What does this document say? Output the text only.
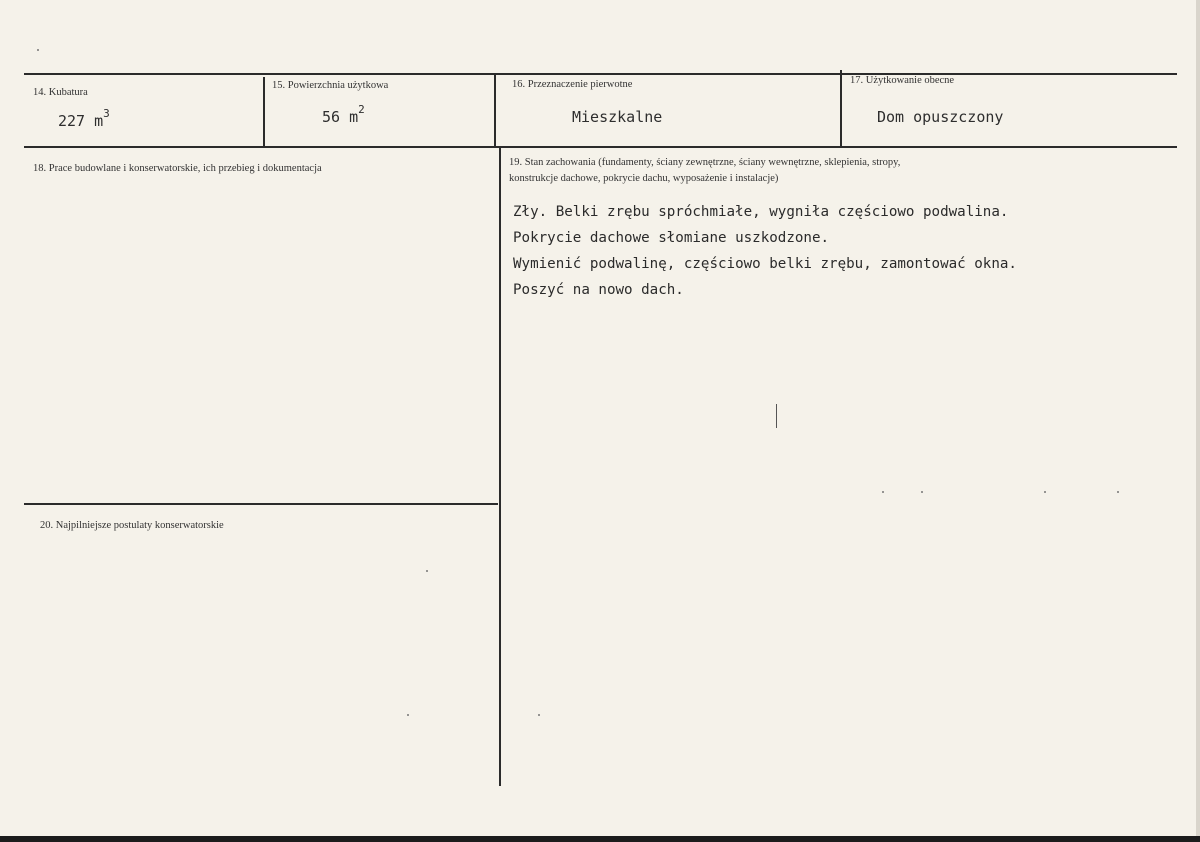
14. Kubatura
227 $m^3$
15. Powierzchnia użytkowa
56 $m^2$
16. Przeznaczenie pierwotne
Mieszkalne
17. Użytkowanie obecne
Dom opuszczony
18. Prace budowlane i konserwatorskie, ich przebieg i dokumentacja
19. Stan zachowania (fundamenty, ściany zewnętrzne, ściany wewnętrzne, sklepienia, stropy,
konstrukcje dachowe, pokrycie dachu, wyposażenie i instalacje)
Zły. Belki zrębu spróchmiałe, wygniła częściowo podwalina.
Pokrycie dachowe słomiane uszkodzone.
Wymienić podwalinę, częściowo belki zrębu, zamontować okna.
Poszyć na nowo dach.
20. Najpilniejsze postulaty konserwatorskie
